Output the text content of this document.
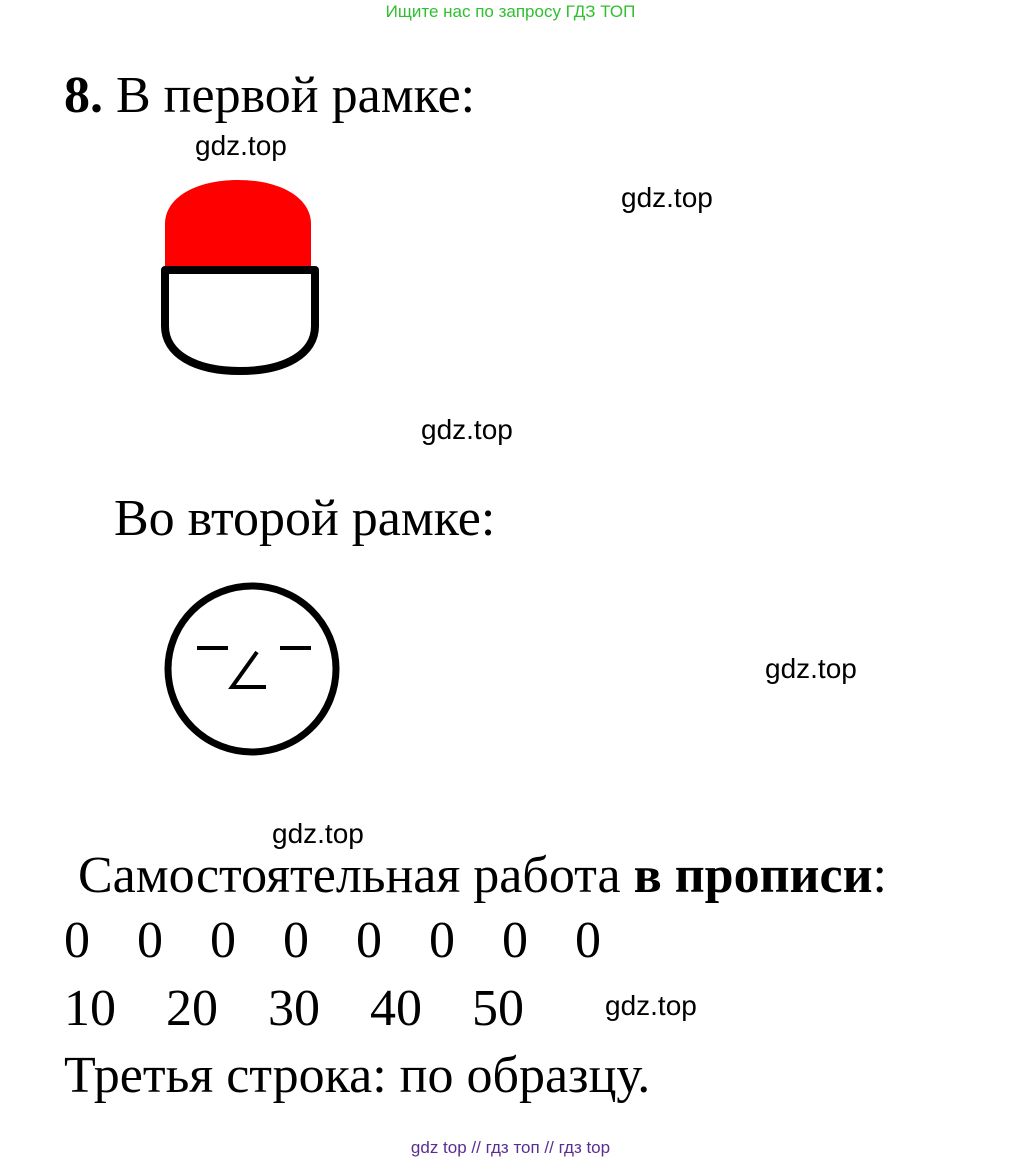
Ищите нас по запросу ГДЗ ТОП
8. В первой рамке:
gdz.top
gdz.top
gdz.top
gdz.top
gdz.top
gdz.top
Во второй рамке:
Самостоятельная работа в прописи:
0 0 0 0 0 0 0 0
10 20 30 40 50
Третья строка: по образцу.
gdz top // гдз топ // гдз top
